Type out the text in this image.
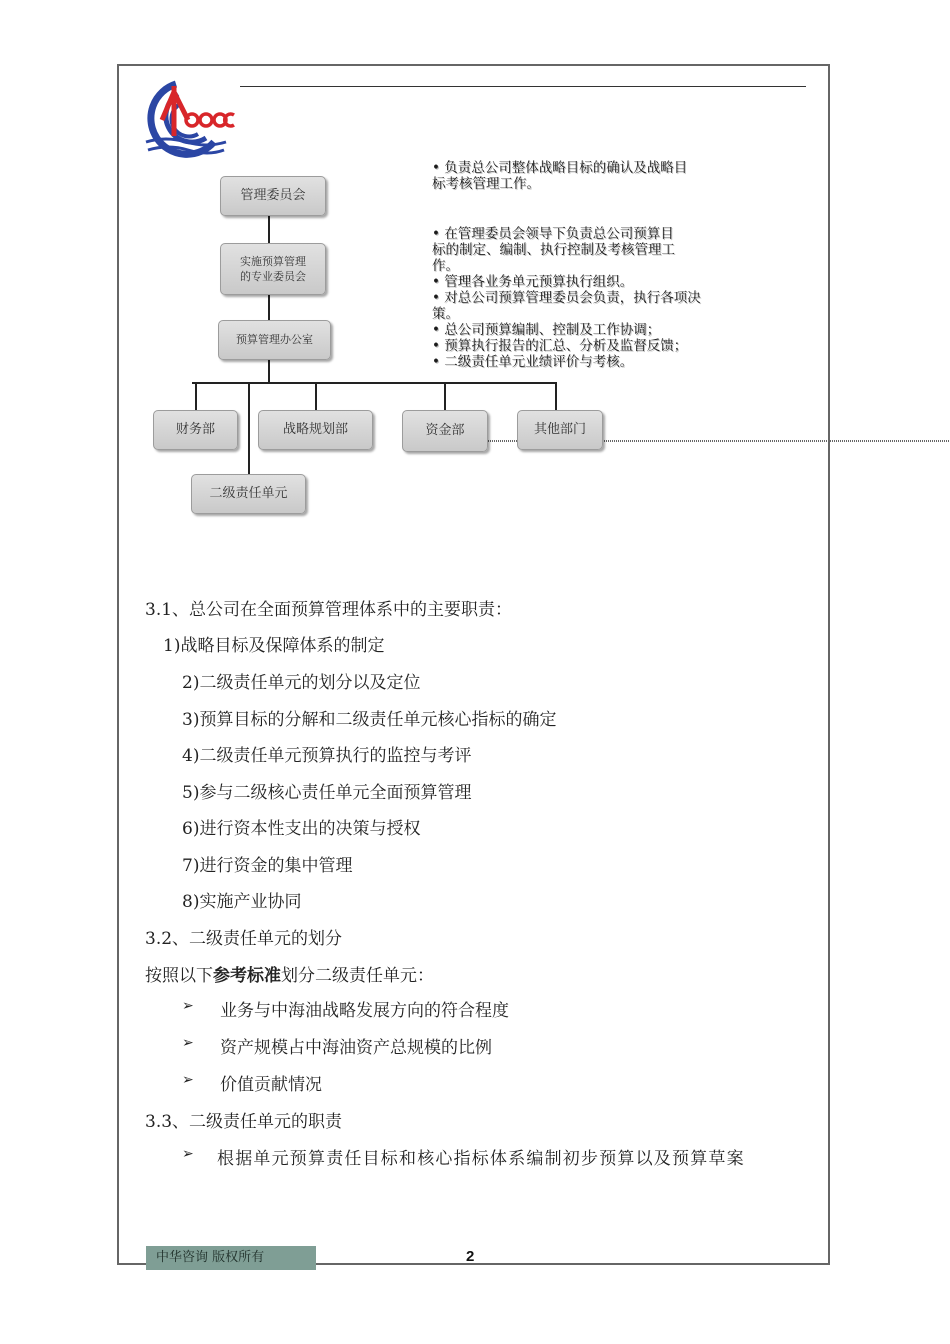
管理委员会
实施预算管理
的专业委员会
预算管理办公室
财务部	战略规划部	资金部	其他部门
二级责任单元

• 负责总公司整体战略目标的确认及战略目

标考核管理工作。

• 在管理委员会领导下负责总公司预算目

标的制定、编制、执行控制及考核管理工

作。

• 管理各业务单元预算执行组织。

• 对总公司预算管理委员会负责，执行各项决

策。

• 总公司预算编制、控制及工作协调；

• 预算执行报告的汇总、分析及监督反馈；

• 二级责任单元业绩评价与考核。

3.1、总公司在全面预算管理体系中的主要职责：
1)战略目标及保障体系的制定
2)二级责任单元的划分以及定位
3)预算目标的分解和二级责任单元核心指标的确定
4)二级责任单元预算执行的监控与考评
5)参与二级核心责任单元全面预算管理
6)进行资本性支出的决策与授权
7)进行资金的集中管理
8)实施产业协同
3.2、二级责任单元的划分
按照以下参考标准划分二级责任单元：
➢ 业务与中海油战略发展方向的符合程度
➢ 资产规模占中海油资产总规模的比例
➢ 价值贡献情况
3.3、二级责任单元的职责
➢ 根据单元预算责任目标和核心指标体系编制初步预算以及预算草案
中华咨询 版权所有	2
